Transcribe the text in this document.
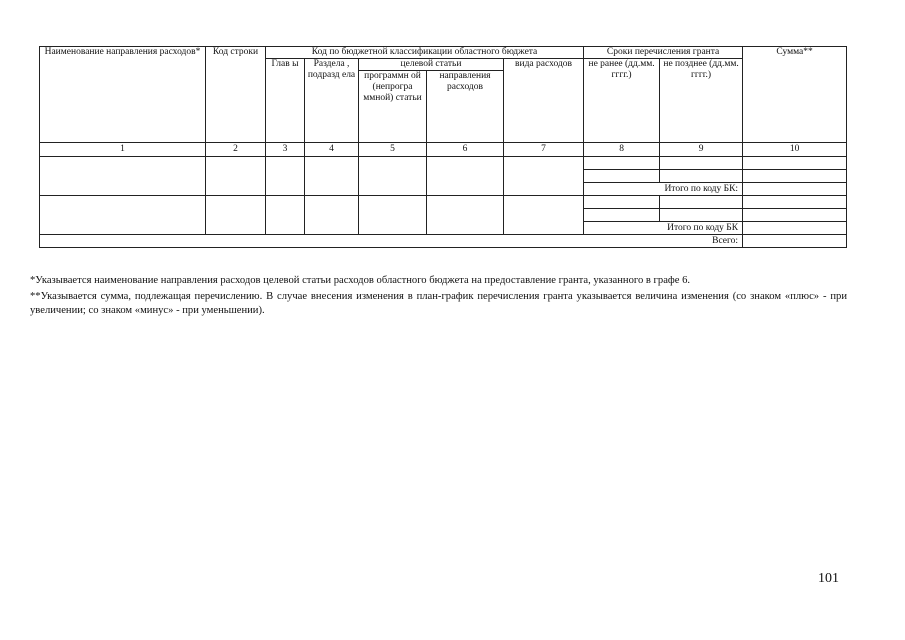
Наименование направления расходов*	Код строки	Код по бюджетной классификации областного бюджета					Сроки перечисления гранта		Сумма**
		Глав ы	Раздела , подразд ела	целевой статьи		вида расходов	не ранее (дд.мм. гггг.)	не позднее (дд.мм. гггг.)	
				программн ой (непрогра ммной) статьи	направления расходов				
1	2	3	4	5	6	7	8	9	10

							Итого по коду БК:		

							Итого по коду БК		
Всего:									
*Указывается наименование направления расходов целевой статьи расходов областного бюджета на предоставление гранта, указанного в графе 6.
**Указывается сумма, подлежащая перечислению. В случае внесения изменения в план-график перечисления гранта указывается величина изменения (со знаком «плюс» - при увеличении; со знаком «минус» - при уменьшении).
101
